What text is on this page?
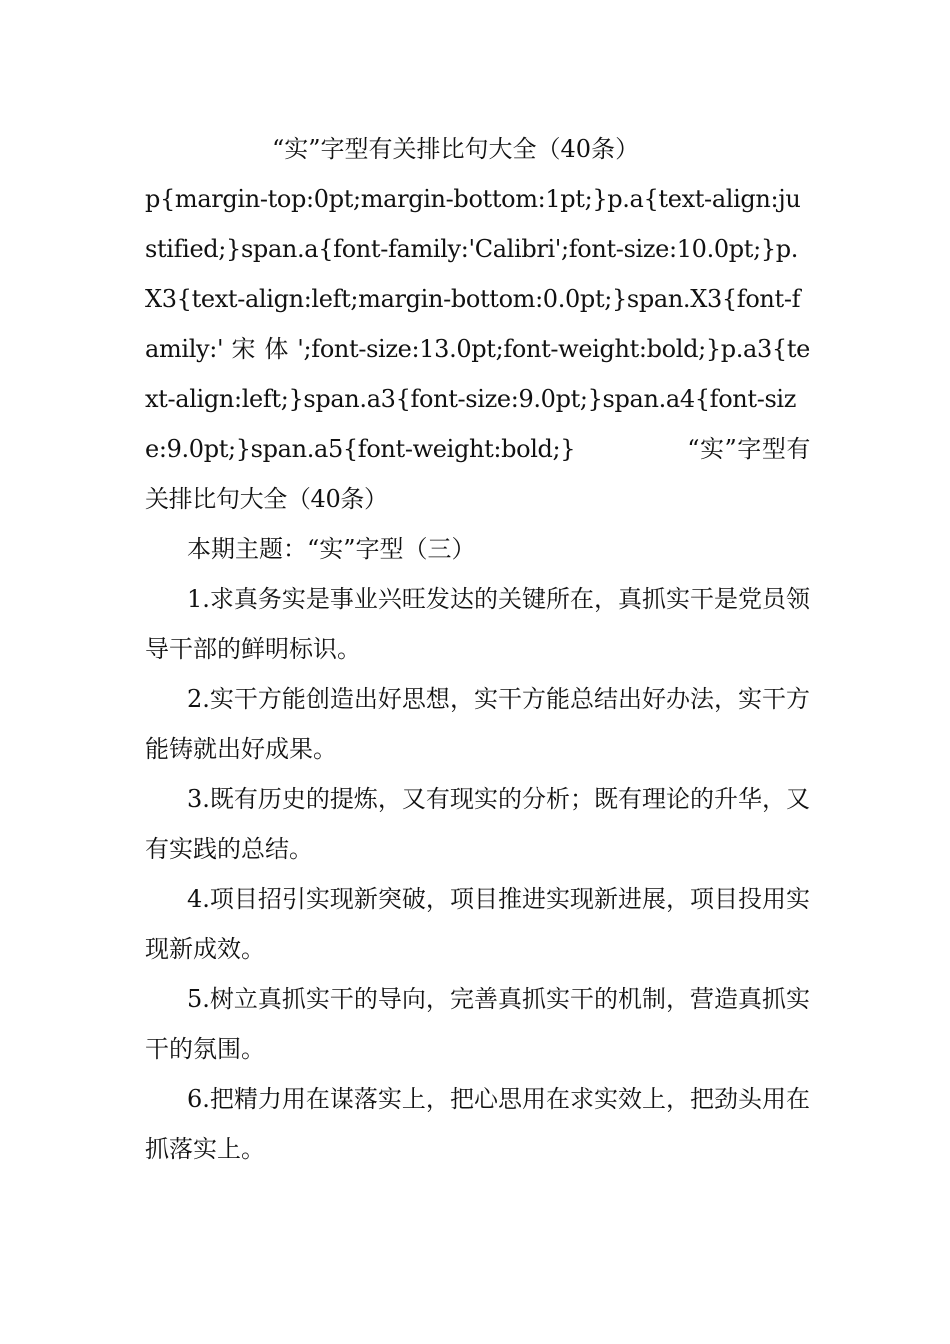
“实”字型有关排比句大全（40条）

p{margin-top:0pt;margin-bottom:1pt;}p.a{text-align:justified;}span.a{font-family:'Calibri';font-size:10.0pt;}p.X3{text-align:left;margin-bottom:0.0pt;}span.X3{font-family:' 宋 体 ';font-size:13.0pt;font-weight:bold;}p.a3{text-align:left;}span.a3{font-size:9.0pt;}span.a4{font-size:9.0pt;}span.a5{font-weight:bold;}	“实”字型有关排比句大全（40条）

本期主题：“实”字型（三）

1.求真务实是事业兴旺发达的关键所在，真抓实干是党员领导干部的鲜明标识。

2.实干方能创造出好思想，实干方能总结出好办法，实干方能铸就出好成果。

3.既有历史的提炼，又有现实的分析；既有理论的升华，又有实践的总结。

4.项目招引实现新突破，项目推进实现新进展，项目投用实现新成效。

5.树立真抓实干的导向，完善真抓实干的机制，营造真抓实干的氛围。

6.把精力用在谋落实上，把心思用在求实效上，把劲头用在抓落实上。
